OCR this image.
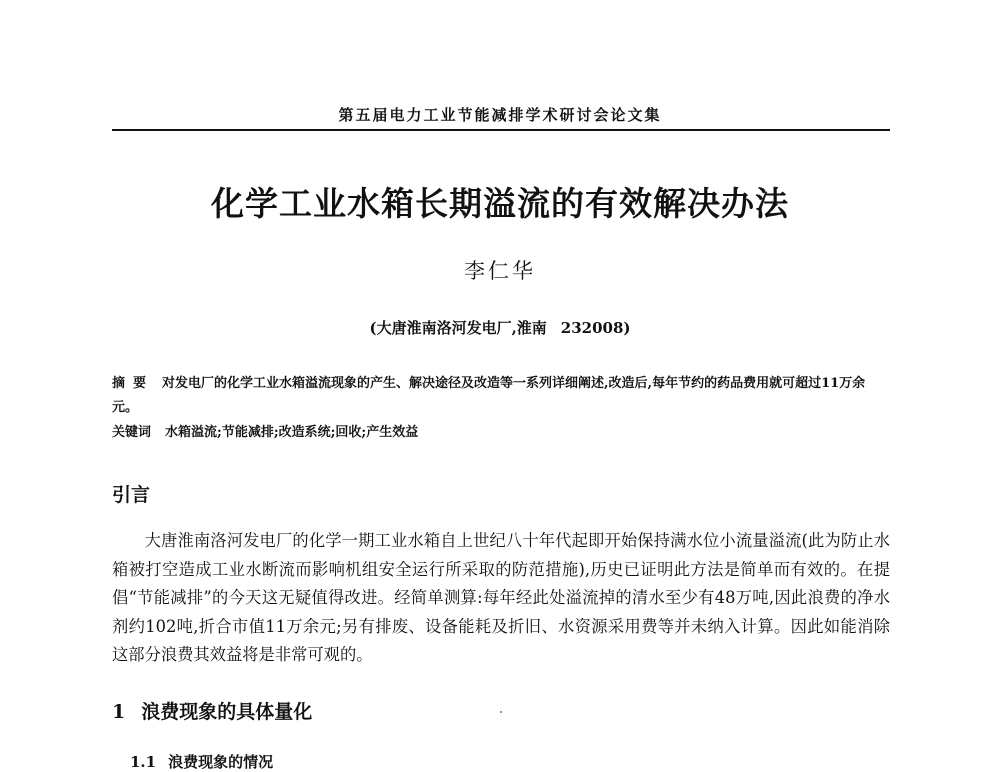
第五届电力工业节能减排学术研讨会论文集
化学工业水箱长期溢流的有效解决办法
李仁华
(大唐淮南洛河发电厂,淮南 232008)
摘要 对发电厂的化学工业水箱溢流现象的产生、解决途径及改造等一系列详细阐述,改造后,每年节约的药品费用就可超过11万余元。
关键词 水箱溢流;节能减排;改造系统;回收;产生效益
引言
大唐淮南洛河发电厂的化学一期工业水箱自上世纪八十年代起即开始保持满水位小流量溢流(此为防止水箱被打空造成工业水断流而影响机组安全运行所采取的防范措施),历史已证明此方法是简单而有效的。在提倡“节能减排”的今天这无疑值得改进。经简单测算:每年经此处溢流掉的清水至少有48万吨,因此浪费的净水剂约102吨,折合市值11万余元;另有排废、设备能耗及折旧、水资源采用费等并未纳入计算。因此如能消除这部分浪费其效益将是非常可观的。
1 浪费现象的具体量化
1.1 浪费现象的情况
